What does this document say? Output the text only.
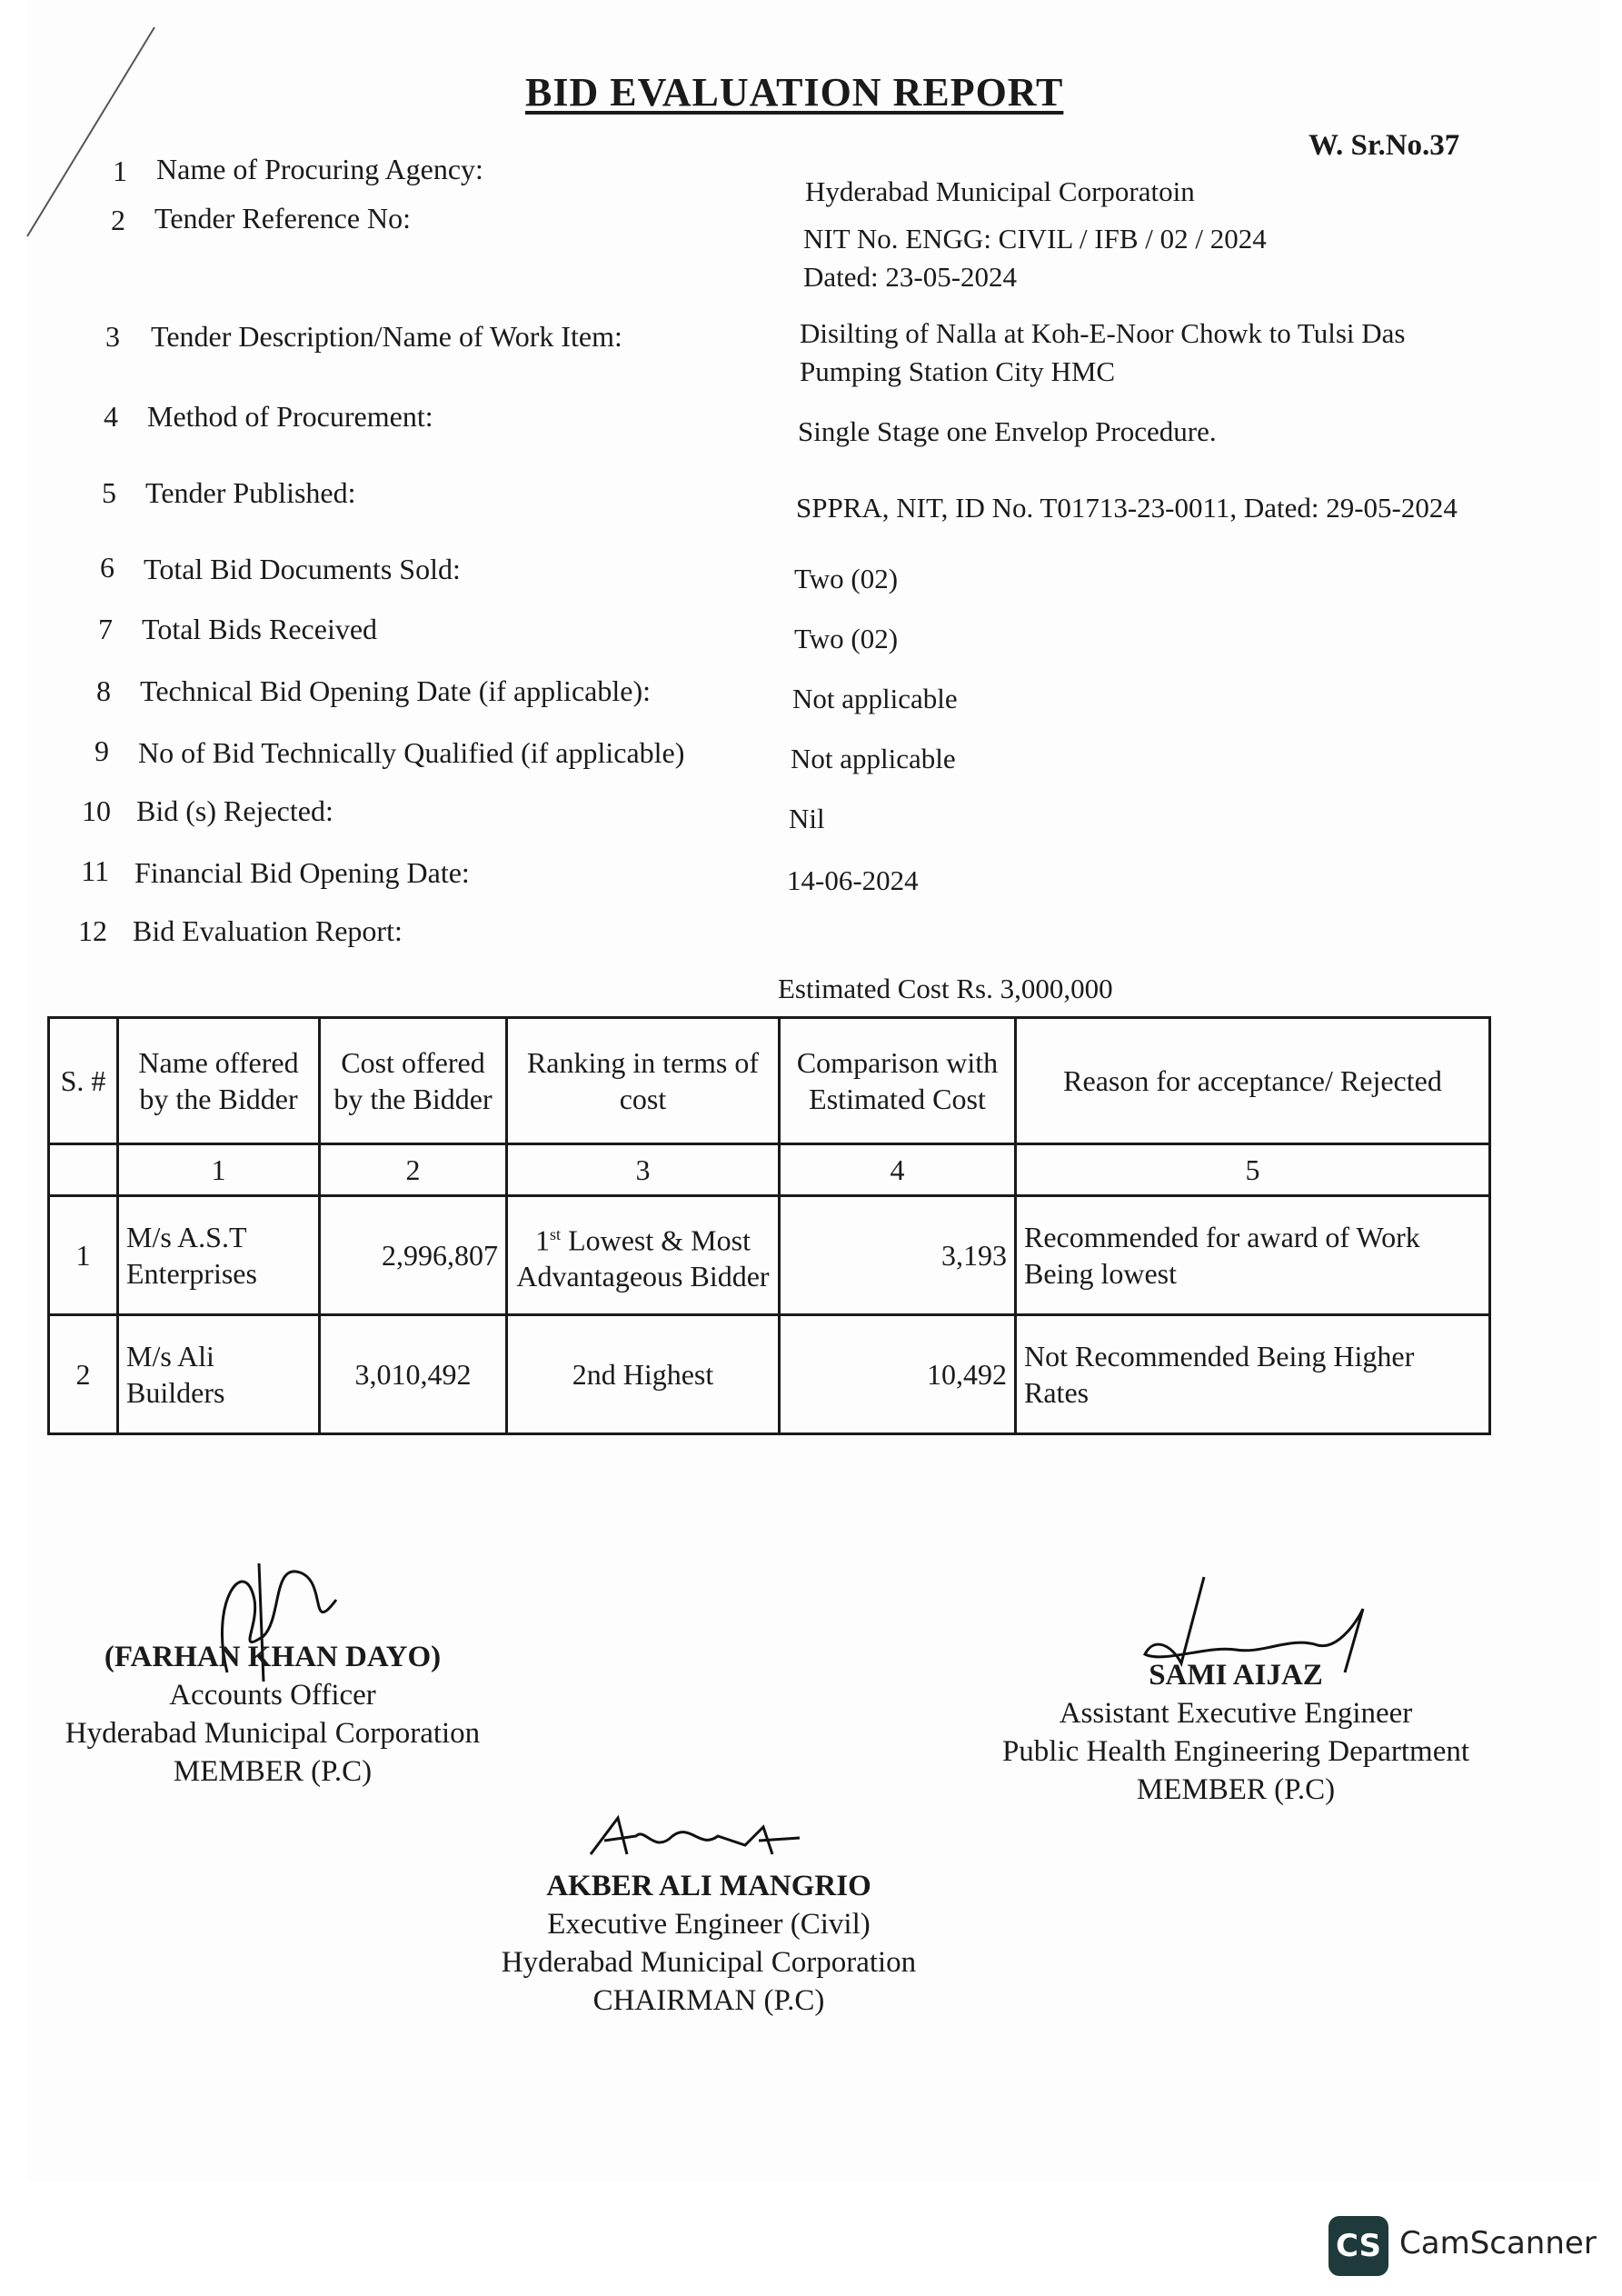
BID EVALUATION REPORT
W. Sr.No.37
1 Name of Procuring Agency:
Hyderabad Municipal Corporatoin
2 Tender Reference No:
NIT No. ENGG: CIVIL / IFB / 02 / 2024
Dated: 23-05-2024
3 Tender Description/Name of Work Item:	Disilting of Nalla at Koh-E-Noor Chowk to Tulsi Das
Pumping Station City HMC
4 Method of Procurement:	Single Stage one Envelop Procedure.
5 Tender Published:	SPPRA, NIT, ID No. T01713-23-0011, Dated: 29-05-2024
6 Total Bid Documents Sold:	Two (02)
7 Total Bids Received	Two (02)
8 Technical Bid Opening Date (if applicable):	Not applicable
9 No of Bid Technically Qualified (if applicable)	Not applicable
10 Bid (s) Rejected:	Nil
11 Financial Bid Opening Date:	14-06-2024
12 Bid Evaluation Report:
Estimated Cost Rs. 3,000,000
S. #	Name offered by the Bidder	Cost offered by the Bidder	Ranking in terms of cost	Comparison with Estimated Cost	Reason for acceptance/ Rejected
	1	2	3	4	5
1	M/s A.S.T Enterprises	2,996,807	1st Lowest & Most Advantageous Bidder	3,193	Recommended for award of Work Being lowest
2	M/s Ali Builders	3,010,492	2nd Highest	10,492	Not Recommended Being Higher Rates
(FARHAN KHAN DAYO)
Accounts Officer
Hyderabad Municipal Corporation
MEMBER (P.C)
SAMI AIJAZ
Assistant Executive Engineer
Public Health Engineering Department
MEMBER (P.C)
AKBER ALI MANGRIO
Executive Engineer (Civil)
Hyderabad Municipal Corporation
CHAIRMAN (P.C)
CS CamScanner
